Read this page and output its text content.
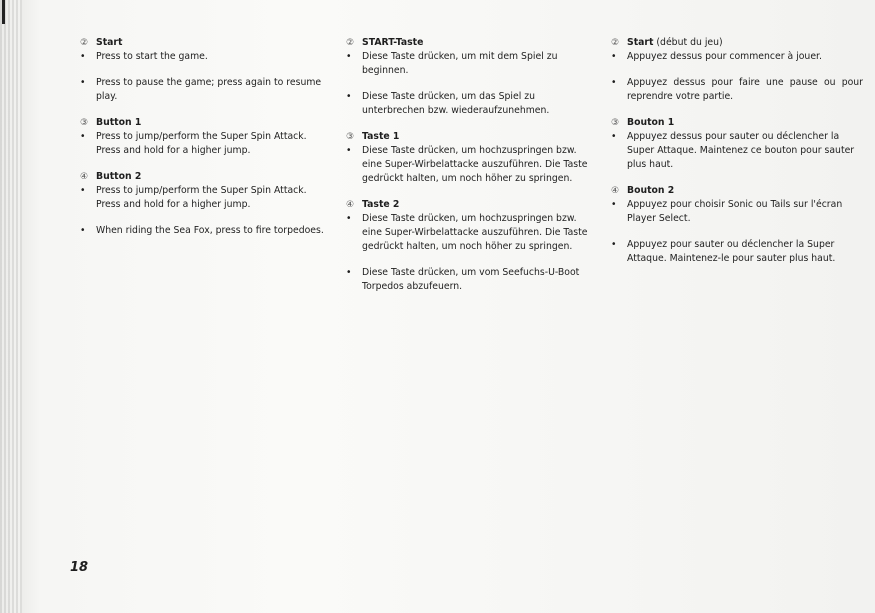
② Start
•	Press to start the game.
•	Press to pause the game; press again to resume play.
③ Button 1
•	Press to jump/perform the Super Spin Attack. Press and hold for a higher jump.
④ Button 2
•	Press to jump/perform the Super Spin Attack. Press and hold for a higher jump.
•	When riding the Sea Fox, press to fire torpedoes.
② START-Taste
•	Diese Taste drücken, um mit dem Spiel zu beginnen.
•	Diese Taste drücken, um das Spiel zu unterbrechen bzw. wiederaufzunehmen.
③ Taste 1
•	Diese Taste drücken, um hochzuspringen bzw. eine Super-Wirbelattacke auszuführen. Die Taste gedrückt halten, um noch höher zu springen.
④ Taste 2
•	Diese Taste drücken, um hochzuspringen bzw. eine Super-Wirbelattacke auszuführen. Die Taste gedrückt halten, um noch höher zu springen.
•	Diese Taste drücken, um vom Seefuchs-U-Boot Torpedos abzufeuern.
② Start (début du jeu)
•	Appuyez dessus pour commencer à jouer.
•	Appuyez dessus pour faire une pause ou pour reprendre votre partie.
③ Bouton 1
•	Appuyez dessus pour sauter ou déclencher la Super Attaque. Maintenez ce bouton pour sauter plus haut.
④ Bouton 2
•	Appuyez pour choisir Sonic ou Tails sur l'écran Player Select.
•	Appuyez pour sauter ou déclencher la Super Attaque. Maintenez-le pour sauter plus haut.
18
